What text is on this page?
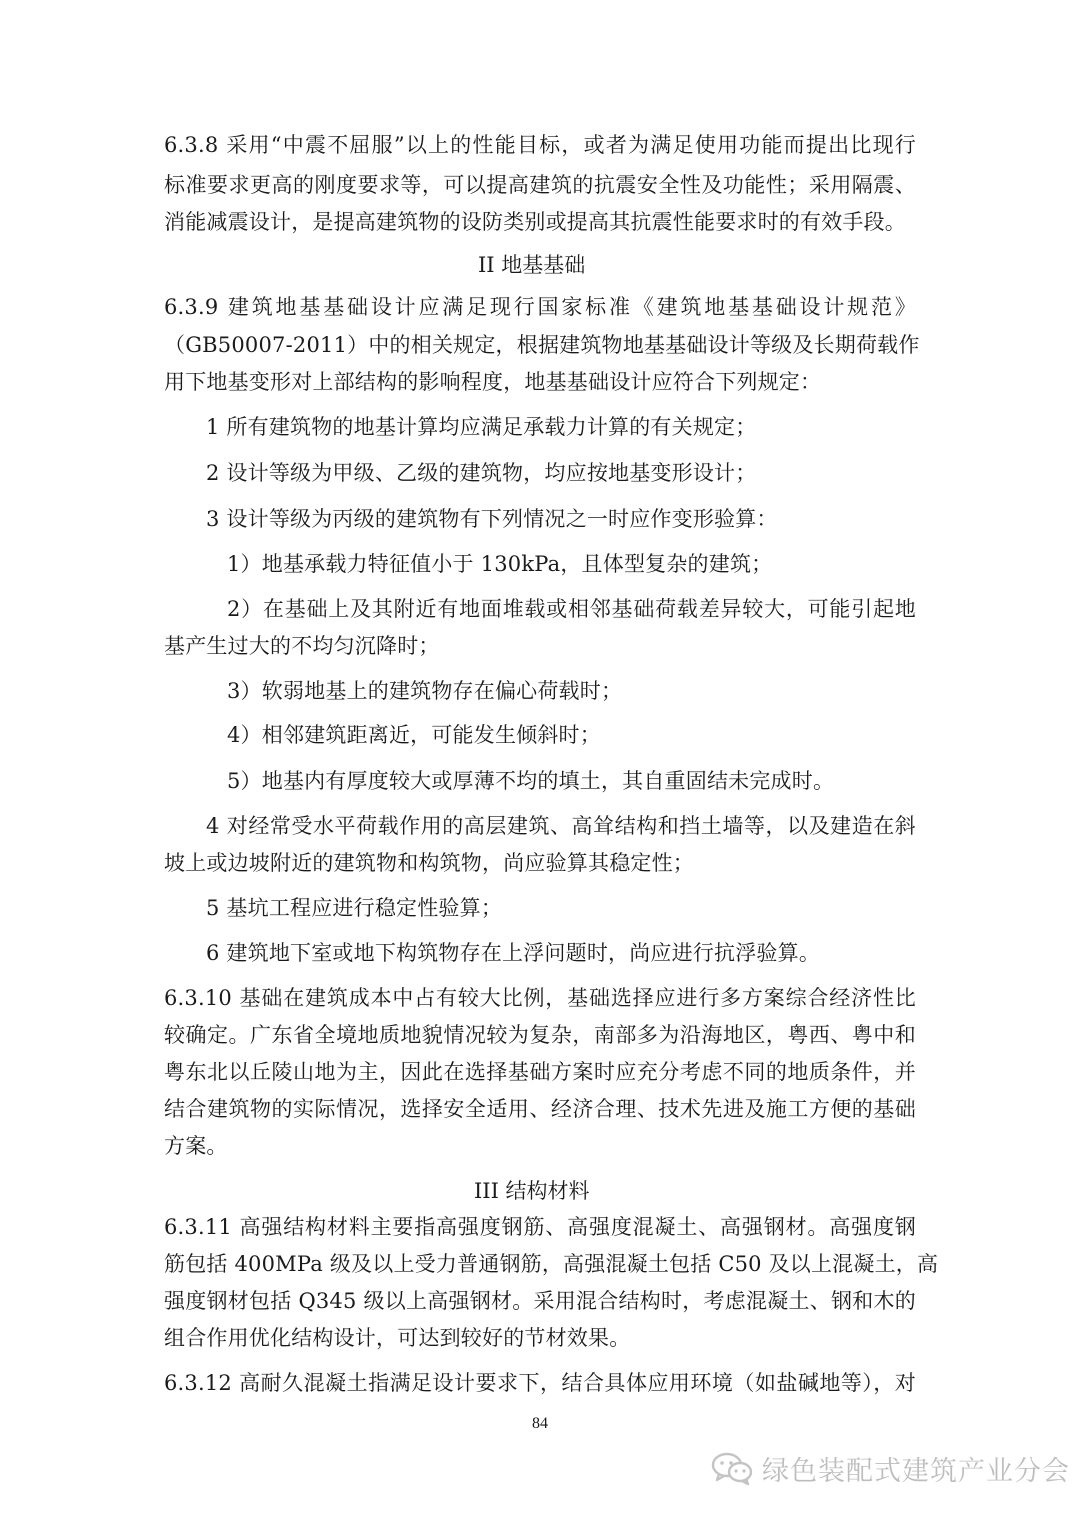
6.3.8 采用“中震不屈服”以上的性能目标，或者为满足使用功能而提出比现行
标准要求更高的刚度要求等，可以提高建筑的抗震安全性及功能性；采用隔震、
消能减震设计，是提高建筑物的设防类别或提高其抗震性能要求时的有效手段。
II 地基基础
6.3.9 建筑地基基础设计应满足现行国家标准《建筑地基基础设计规范》
（GB50007-2011）中的相关规定，根据建筑物地基基础设计等级及长期荷载作
用下地基变形对上部结构的影响程度，地基基础设计应符合下列规定：
1 所有建筑物的地基计算均应满足承载力计算的有关规定；
2 设计等级为甲级、乙级的建筑物，均应按地基变形设计；
3 设计等级为丙级的建筑物有下列情况之一时应作变形验算：
1）地基承载力特征值小于 130kPa，且体型复杂的建筑；
2）在基础上及其附近有地面堆载或相邻基础荷载差异较大，可能引起地
基产生过大的不均匀沉降时；
3）软弱地基上的建筑物存在偏心荷载时；
4）相邻建筑距离近，可能发生倾斜时；
5）地基内有厚度较大或厚薄不均的填土，其自重固结未完成时。
4 对经常受水平荷载作用的高层建筑、高耸结构和挡土墙等，以及建造在斜
坡上或边坡附近的建筑物和构筑物，尚应验算其稳定性；
5 基坑工程应进行稳定性验算；
6 建筑地下室或地下构筑物存在上浮问题时，尚应进行抗浮验算。
6.3.10 基础在建筑成本中占有较大比例，基础选择应进行多方案综合经济性比
较确定。广东省全境地质地貌情况较为复杂，南部多为沿海地区，粤西、粤中和
粤东北以丘陵山地为主，因此在选择基础方案时应充分考虑不同的地质条件，并
结合建筑物的实际情况，选择安全适用、经济合理、技术先进及施工方便的基础
方案。
III 结构材料
6.3.11 高强结构材料主要指高强度钢筋、高强度混凝土、高强钢材。高强度钢
筋包括 400MPa 级及以上受力普通钢筋，高强混凝土包括 C50 及以上混凝土，高
强度钢材包括 Q345 级以上高强钢材。采用混合结构时，考虑混凝土、钢和木的
组合作用优化结构设计，可达到较好的节材效果。
6.3.12 高耐久混凝土指满足设计要求下，结合具体应用环境（如盐碱地等），对
84
绿色装配式建筑产业分会
